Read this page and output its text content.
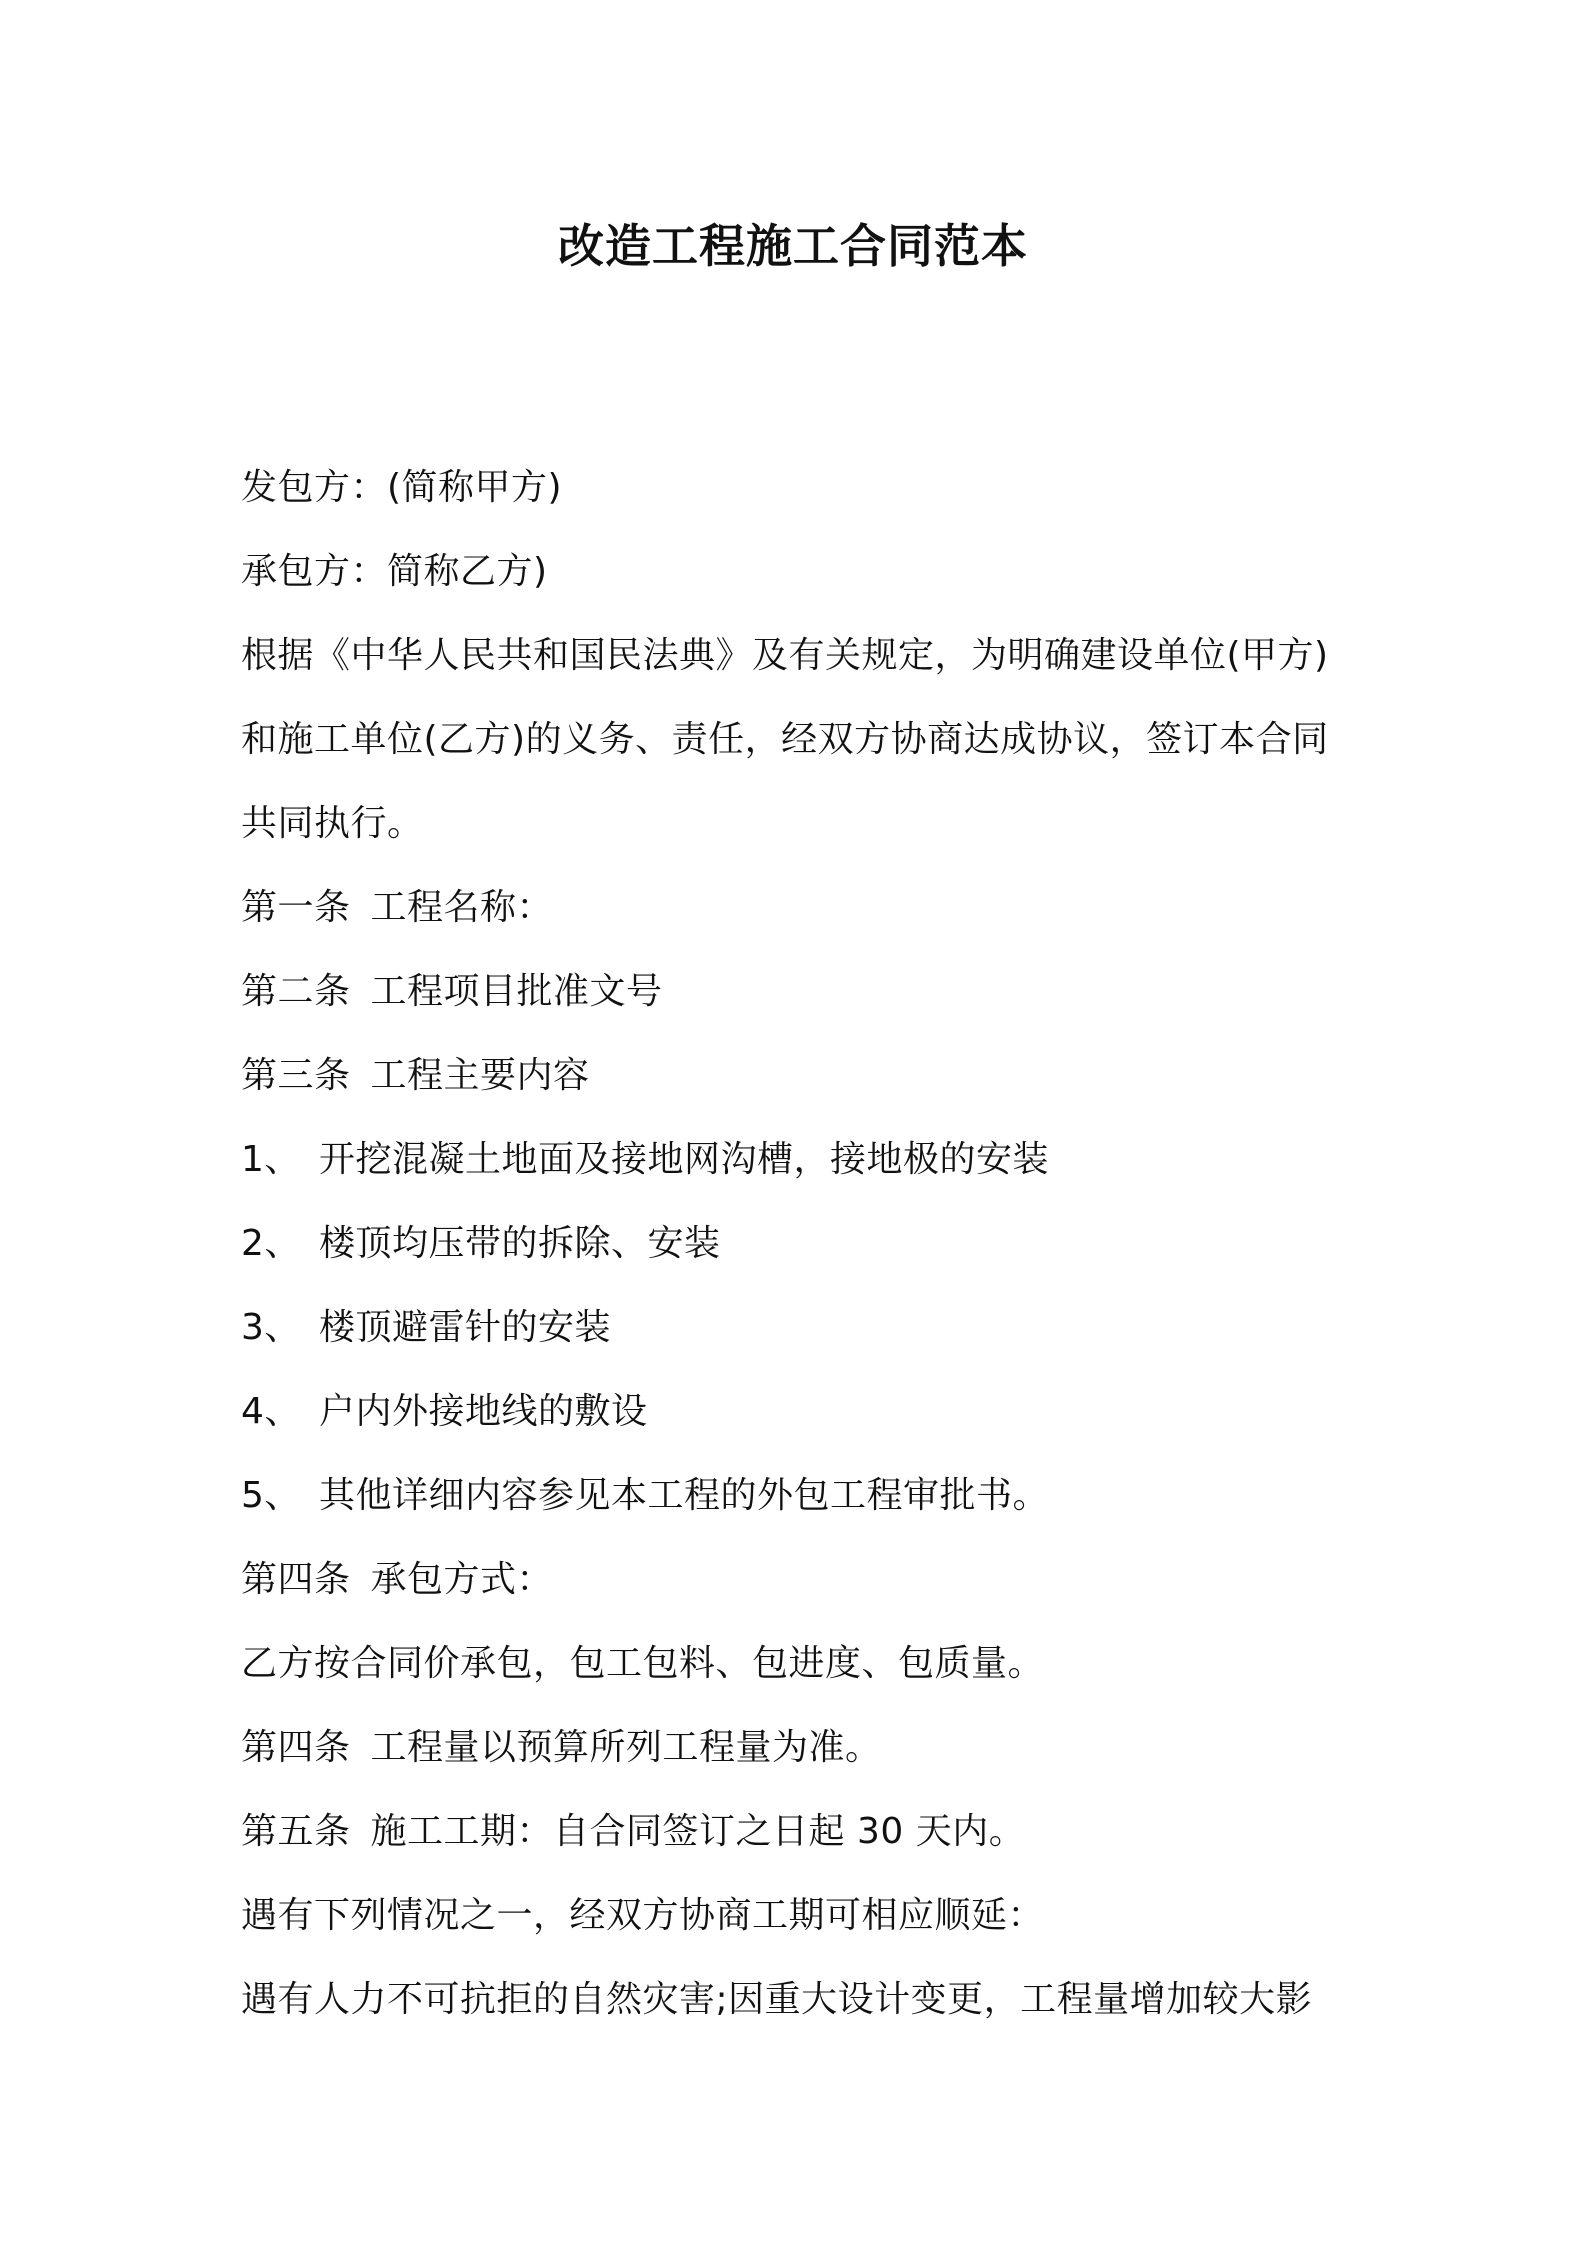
改造工程施工合同范本
发包方：(简称甲方)
承包方：简称乙方)
根据《中华人民共和国民法典》及有关规定，为明确建设单位(甲方)
和施工单位(乙方)的义务、责任，经双方协商达成协议，签订本合同
共同执行。
第一条 工程名称：
第二条 工程项目批准文号
第三条 工程主要内容
1、 开挖混凝土地面及接地网沟槽，接地极的安装
2、 楼顶均压带的拆除、安装
3、 楼顶避雷针的安装
4、 户内外接地线的敷设
5、 其他详细内容参见本工程的外包工程审批书。
第四条 承包方式：
乙方按合同价承包，包工包料、包进度、包质量。
第四条 工程量以预算所列工程量为准。
第五条 施工工期：自合同签订之日起 30 天内。
遇有下列情况之一，经双方协商工期可相应顺延：
遇有人力不可抗拒的自然灾害;因重大设计变更，工程量增加较大影
